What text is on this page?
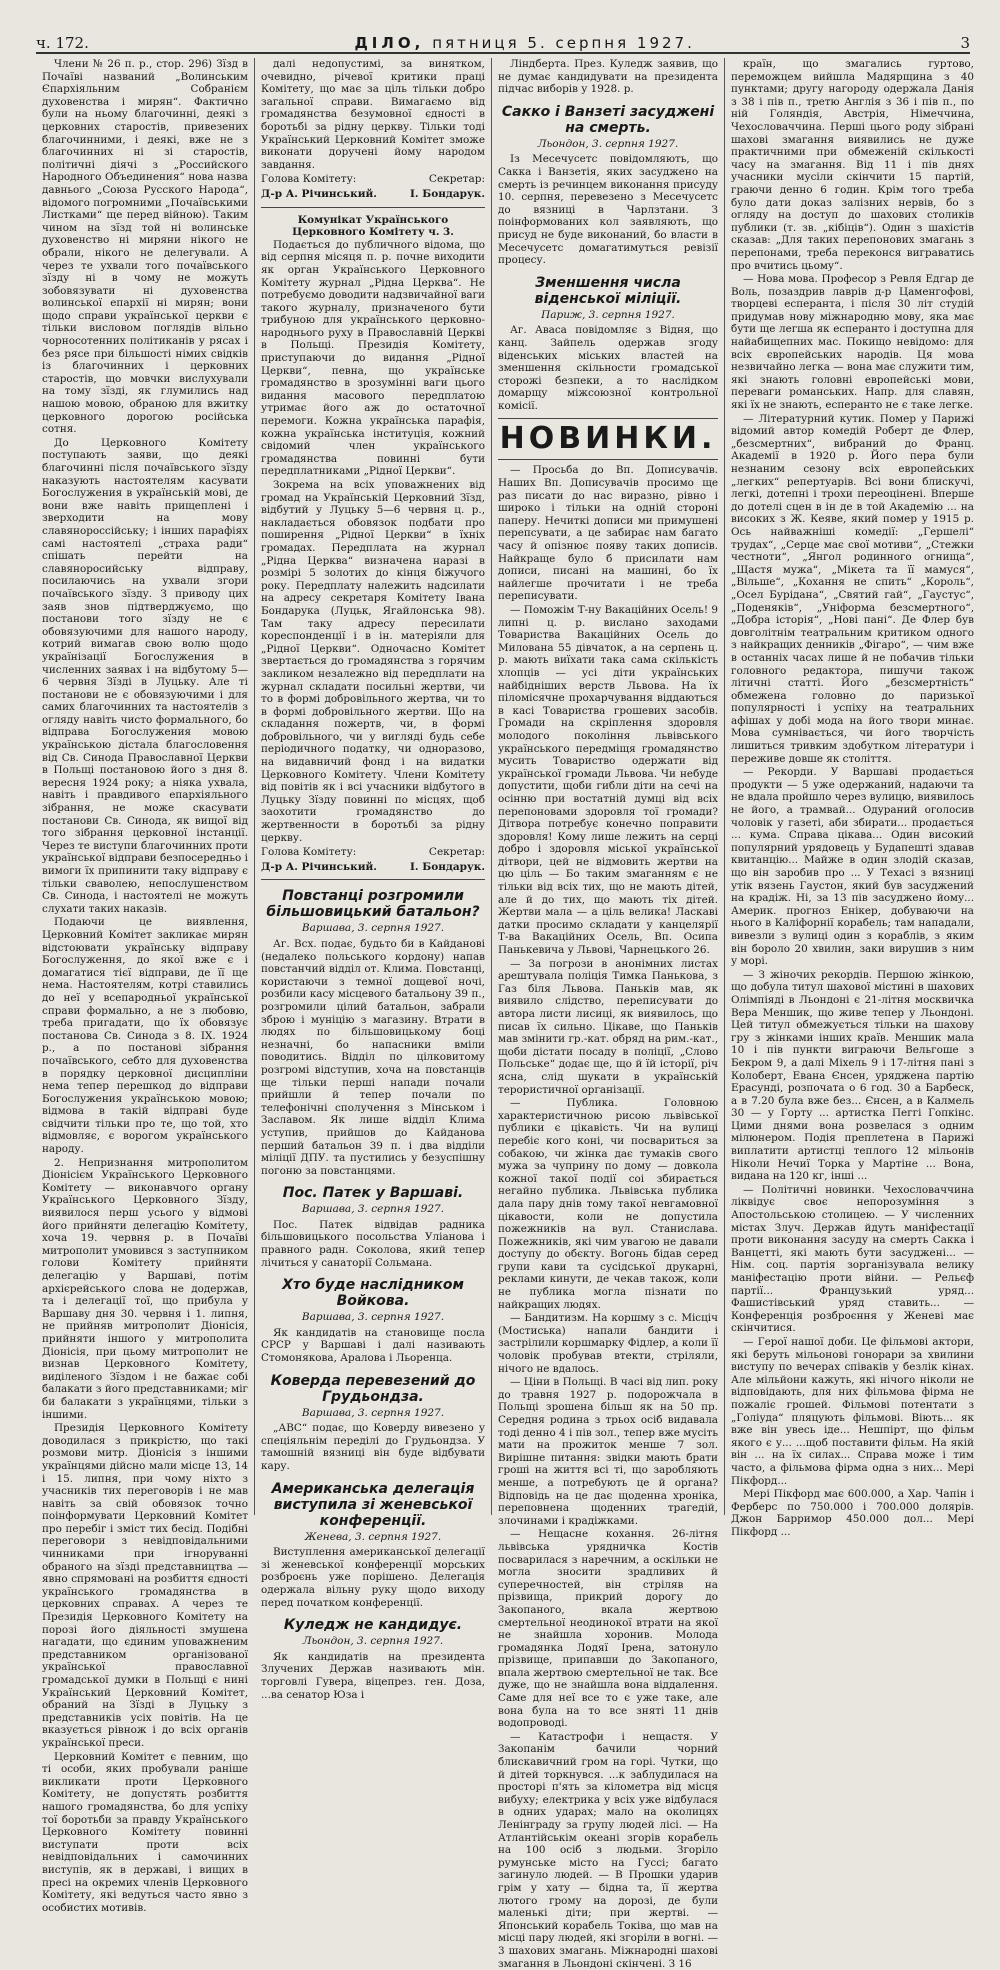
ч. 172.	ДІЛО, пятниця 5. серпня 1927.	3

Члени № 26 п. р., стор. 296) Зїзд в Почаїві названий „Волинським Єпархіяльним Собранієм духовенства і мирян“. Фактично були на ньому благочинні, деякі з церковних старостів, привезених благочинними, і деякі, вже не з благочинних ні зі старостів, політичні діячі з „Российского Народного Объединения“ нова назва давнього „Союза Русского Народа“, відомого погромними „Почаївськими Листками“ ще перед війною). Таким чином на зїзд той ні волинське духовенство ні миряни нікого не обрали, нікого не делегували. А через те ухвали того почаївського зїзду ні в чому не можуть зобовязувати ні духовенства волинської епархії ні мирян; вони щодо справи української церкви є тільки висловом поглядів вільно чорносотенних політиканів у рясах і без рясе при більшості німих свідків із благочинних і церковних старостів, що мовчки вислухували на тому зїзді, як глумились над нашою мовою, обраною для вжитку церковного дорогою російська сотня.

До Церковного Комітету поступають заяви, що деякі благочинні після почаївського зїзду наказують настоятелям касувати Богослужения в українській мові, де вони вже навіть прищеплені і зверходити на мову славянороссійську; і інших парафіях самі настоятелі „страха ради“ спішать перейти на славяноросийську відправу, посилаючись на ухвали згори почаївського зїзду. З приводу цих заяв знов підтверджуємо, що постанови того зїзду не є обовязуючими для нашого народу, котрий вимагав свою волю щодо українізації Богослужения в численних заявах і на відбутому 5—6 червня Зїзді в Луцьку. Але ті постанови не є обовязуючими і для самих благочинних та настоятелів з огляду навіть чисто формального, бо відправа Богослужения мовою українською дістала благословення від Св. Синода Православної Церкви в Польщі постановою його з дня 8. вересня 1924 року; а ніяка ухвала, навіть і правдивого епархіяльного зібрання, не може скасувати постанови Св. Синода, як вищої від того зібрання церковної інстанції. Через те виступи благочинних проти української відправи безпосередньо і вимоги їх припинити таку відправу є тільки сваволею, непослушенством Св. Синода, і настоятелі не можуть слухати таких наказів.

Подаючи це виявлення, Церковний Комітет закликає мирян відстоювати українську відправу Богослуження, до якої вже є і домагатися тієї відправи, де її ще нема. Настоятелям, котрі ставились до неї у всепародньої української справи формально, а не з любовю, треба пригадати, що їх обовязує постанова Св. Синода з 8. IX. 1924 р., а по постанові зібрання почаївського, себто для духовенства в порядку церковної дисципліни нема тепер перешкод до відправи Богослужения українською мовою; відмова в такій відправі буде свідчити тільки про те, що той, хто відмовляє, є ворогом українського народу.

2. Непризнання митрополитом Діонісієм Українського Церковного Комітету — виконавчого органу Українського Церковного Зїзду, виявилося перш усього у відмові його прийняти делегацію Комітету, хоча 19. червня р. в Почаївi митрополит умовився з заступником голови Комітету прийняти делегацію у Варшаві, потім архієрейського слова не додержав, та і делегації тої, що прибула у Варшаву дня 30. червня і 1. липня, не прийняв митрополит Діонісія, прийняти іншого у митрополита Діонісія, при цьому митрополит не визнав Церковного Комітету, виділеного Зїздом і не бажає собі балакати з його представниками; міг би балакати з українцями, тільки з іншими.

Президія Церковного Комітету доводилася з прикрістю, що такі розмови митр. Діонісія з іншими українцями дійсно мали місце 13, 14 і 15. липня, при чому ніхто з учасників тих переговорів і не мав навіть за свій обовязок точно поінформувати Церковний Комітет про перебіг і зміст тих бесід. Подібні переговори з невідповідальними чинниками при ігноруванні обраного на зїзді представництва — явно спрямовані на розбиття єдності українського громадянства в церковних справах. А через те Президія Церковного Комітету на порозі його діяльності змушена нагадати, що єдиним уповажненим представником організованої української православної громадської думки в Польщі є нині Український Церковний Комітет, обраний на Зїзді в Луцьку з представників усіх повітів. На це вказується рівнож і до всіх органів української преси.

Церковний Комітет є певним, що ті особи, яких пробували раніше викликати проти Церковного Комітету, не допустять розбиття нашого громадянства, бо для успіху тої боротьби за правду Українського Церковного Комітету повинні виступати проти всіх невідповідальних і самочинних виступів, як в державі, і вищих в пресі на окремих членів Церковного Комітету, які ведуться часто явно з особистих мотивів.

далі недопустимі, за винятком, очевидно, річевої критики праці Комітету, що має за ціль тільки добро загальної справи. Вимагаємо від громадянства безумовної єдності в боротьбі за рідну церкву. Тільки тоді Український Церковний Комітет зможе виконати доручені йому народом завдання.

Голова Комітету:	Секретар:
Д-р А. Річинський.	І. Бондарук.
Комунікат Українського Церковного Комітету ч. 3.

Подається до публичного відома, що від серпня місяця п. р. почне виходити як орган Українського Церковного Комітету журнал „Рідна Церква“. Не потребуємо доводити надзвичайної ваги такого журналу, призначеного бути трибуною для українського церковно-народнього руху в Православній Церкві в Польщі. Президія Комітету, приступаючи до видання „Рідної Церкви“, певна, що українське громадянство в зрозумінні ваги цього видання масового передплатою утримає його аж до остаточної перемоги. Кожна українська парафія, кожна українська інституція, кожний свідомий член українського громадянства повинні бути передплатниками „Рідної Церкви“.

Зокрема на всіх уповажнених від громад на Українській Церковний Зїзд, відбутий у Луцьку 5—6 червня ц. р., накладається обовязок подбати про поширення „Рідної Церкви“ в їхніх громадах. Передплата на журнал „Рідна Церква“ визначена наразі в розмірі 5 золотих до кінця біжучого року. Передплату належить надсилати на адресу секретаря Комітету Івана Бондарука (Луцьк, Ягайлонська 98). Там таку адресу пересилати кореспонденції і в ін. матеріяли для „Рідної Церкви“. Одночасно Комітет звертається до громадянства з горячим закликом незалежно від передплати на журнал складати посильні жертви, чи то в формі добровільного жертва, чи то в формі добровільного жертви. Що на складання пожертв, чи, в формі добровільного, чи у вигляді будь себе періодичного податку, чи одноразово, на видавничий фонд і на видатки Церковного Комітету. Члени Комітету від повітів як і всі учасники відбутого в Луцьку Зїзду повинні по місцях, щоб заохотити громадянство до жертвенности в боротьбі за рідну церкву.

Голова Комітету:	Секретар:
Д-р А. Річинський.	І. Бондарук.
Повстанці розгромили більшовицький батальон?
Варшава, 3. серпня 1927.

Аг. Всх. подає, будьто би в Кайдановi (недалеко польського кордону) напав повстанчий відділ от. Клима. Повстанці, користаючи з темної дощевої ночі, розбили касу місцевого батальону 39 п., розгромили цілий батальон, забрали зброю і муніцію з магазину. Втрати в людях по більшовицькому боці незначні, бо напасники вміли поводитись. Відділ по цілковитому розгромі відступив, хоча на повстанців ще тільки перші напади почали прийшли й тепер почали по телефонічні сполучення з Мінськом і Заславом. Як лише відділ Клима уступив, прийшов до Кайданова перший батальон 39 п. і два відділи міліції ДПУ. та пустились у безуспішну погоню за повстанцями.

Пос. Патек у Варшаві.
Варшава, 3. серпня 1927.

Пос. Патек відвідав радника більшовицького посольства Уліанова і правного радн. Соколова, який тепер лічиться у санаторії Сольмана.

Хто буде наслідником Войкова.
Варшава, 3. серпня 1927.

Як кандидатів на становище посла СРСР у Варшаві і далі називають Стомонякова, Аралова і Льоренца.

Коверда перевезений до Грудьондза.
Варшава, 3. серпня 1927.

„АВС“ подає, що Коверду вивезено у спеціяльнім переділі до Грудьондза. У тамошній вязниці він буде відбувати кару.

Американська делегація виступила зі женевської конференції.
Женева, 3. серпня 1927.

Виступлення американської делегації зі женевської конференції морських розброєнь уже порішено. Делегація одержала вільну руку щодо виходу перед початком конференції.

Куледж не кандидує.
Льондон, 3. серпня 1927.

Як кандидатів на президента Злучених Держав називають мін. торговлі Гувера, віцепрез. ген. Доза, ...ва сенатор Юза і

Ліндберта. През. Куледж заявив, що не думає кандидувати на президента підчас виборів у 1928. р.

Сакко і Ванзеті засуджені на смерть.
Льондон, 3. серпня 1927.

Із Месечусетс повідомляють, що Сакка і Ванзетія, яких засуджено на смерть із речинцем виконання присуду 10. серпня, перевезено з Месечусетс до вязниці в Чарлзтани. З поінформованих кол заявляють, що присуд не буде виконаний, бо власти в Месечусетс домагатимуться ревізії процесу.

Зменшення числа віденської міліції.
Париж, 3. серпня 1927.

Аг. Аваса повідомляє з Відня, що канц. Зайпель одержав згоду віденських міських властей на зменшення скільности громадської сторожі безпеки, а то наслідком домарщу міжсоюзної контрольної комісії.

НОВИНКИ.

— Просьба до Вп. Дописувачів. Наших Вп. Дописувачів просимо ще раз писати до нас виразно, рівно і широко і тільки на одній стороні паперу. Нечиткі дописи ми примушені перепсувати, а це забирає нам багато часу й опізнює появу таких дописів. Найкраще було б присилати нам дописи, писані на машині, бо їх найлегше прочитати і не треба переписувати.

— Поможім Т-ну Вакаційних Осель! 9 липні ц. р. вислано заходами Товариства Вакаційних Осель до Милована 55 дівчаток, а на серпень ц. р. мають виїхати така сама скількість хлопців — усі діти українських найбідніших верств Львова. Нa їх піломісячне прохарчування віддаються в касі Товариства грошевих засобів. Громади на скріплення здоровля молодого покоління львівського українського передміщя громадянство мусить Товариство одержати від української громади Львова. Чи небуде допустити, щоби гибли діти на сечі на осінню при востатній думці від всіх перепоновами здоровля тої громади? Дітвора потребує конечно поправити здоровля! Кому лише лежить на серці добро і здоровля міської української дітвори, цей не відмовить жертви на цю ціль — Бо таким змаганням є не тільки від всіх тих, що не мають дітей, але й до тих, що мають тіх дітей. Жертви мала — а ціль велика! Ласкаві датки просимо складати у канцелярії Т-ва Вакаційних Осель, Вп. Осипа Панькевича у Львові, Чарнецького 26.

— За погрози в анонімних листах арештувала поліція Тимка Панькова, з Газ біля Львова. Паньків мав, як виявило слідство, переписувати до автора листи лисиці, як виявилось, що писав їх сильно. Цікаве, що Паньків мав змінити гр.-кат. обряд на рим.-кат., щоби дістати посаду в поліції, „Слово Польське“ додає ще, що й їй історії, річ ясна, слід шукати в українській терористичної організації.

— Публика. Головною характеристичною рисою львівської публики є цікавість. Чи на вулиці перебіє кого коні, чи посвариться за собакою, чи жінка дає тумаків свого мужа за чуприну по дому — довкола кожної такої події соі збирається негайно публика. Львівська публика дала пару днів тому такої невгамовної цікавости, коли не допустила пожежників на вул. Станислава. Пожежників, які чим увагою не давали доступу до обєкту. Вогонь бідав серед групи кави та сусідської друкарні, реклами кинути, де чекав також, коли не публика могла пізнати по найкращих людях.

— Бандитизм. На коршму з с. Місціч (Мостиська) напали бандити і застрілили коршмарку Фідлер, а коли її чоловік пробував втекти, стріляли, нічого не вдалось.

— Ціни в Польщі. В часі від лип. року до травня 1927 р. подорожчала в Польщі зрошена більш як на 50 пр. Середня родина з трьох осіб видавала тоді денно 4 і пів зол., тепер вже мусіть мати на прожиток менше 7 зол. Вирішне питання: звідки мають брати гроші на життя всі ті, що заробляють менше, а потребують це й органа? Відповідь на це дає щоденна хроніка, переповнена щоденних трагедій, злочинами і крадіжками.

— Нещасне кохання. 26-літня львівська урядничка Костів посварилася з наречним, а оскільки не могла зносити зрадливих й суперечностей, він стріляв на прізвища, прикрий дорогу до Закопаного, вкала жертвою смертельної неодинокої втрати на якої не знайшла хоронив. Молода громадянка Лодяї Ірена, затонуло прізвище, припавши до Закопаного, впала жертвою смертельної не так. Все дуже, що не знайшла вона віддалення. Саме для неї все то є уже таке, але вона була на то все зняті 11 днів водопроводі.

— Катастрофи і нещастя. У Закопанім бачили чорний блискавичний гром на горі. Чутки, що й дітей торкнувся. ...к заблудилася на просторі п'ять за кілометра від місця вибуху; електрика у всіх уже відбулася в одних ударах; мало на околицях Ленінграду за групу людей лісі. — На Атлантійськім океані згорів корабель на 100 осіб з людьми. Згоріло румунське місто на Гуссі; багато загинуло людей. — В Прошки ударив грім у хату — бідна та, її жертва лютого грому на дорозі, де були маленькі діти; при жертві. — Японський корабель Токіва, що мав на місці пару людей, які згоріли в вогні. — 3 шахових змагань. Міжнародні шахові змагання в Льондоні скінчені. З 16

країн, що змагались гуртово, переможцем вийшла Мадярщина з 40 пунктами; другу нагороду одержала Данія з 38 і пів п., третю Англія з 36 і пів п., по ній Голяндія, Австрія, Німеччина, Чехословаччина. Перші цього роду зібрані шахові змагання виявились не дуже практичними при обмеженій скількості часу на змагання. Від 11 і пів днях учасники мусіли скінчити 15 партій, граючи денно 6 годин. Крім того треба було дати доказ залізних нервів, бо з огляду на доступ до шахових столиків публики (т. зв. „кібіців“). Один з шахістів сказав: „Для таких перепонових змагань з перепонами, треба переконся виграватись про вчитись цьому“.

— Нова мова. Професор з Ревля Едгар де Воль, позаздрив лаврів д-р Цаменгофові, творцеві есперанта, і після 30 літ студій придумав нову міжнародню мову, яка має бути ще легша як есперанто і доступна для найабищепних мас. Покищо невідомо: для всіх європейських народів. Ця мова незвичайно легка — вона має служити тим, які знають головні европейські мови, переваги романських. Напр. для славян, які їх не знають, есперанто не є таке легке.

— Літературний кутик. Помер у Парижі відомий автор комедій Роберт де Флер, „безсмертних“, вибраний до Франц. Академії в 1920 р. Його пера були незнаним сезону всіх европейських „легких“ репертуарів. Всі вони блискучі, легкі, дотепні і трохи переоцінені. Вперше до дотелі сцен в ін де в той Академію ... на високих з Ж. Кеяве, який помер у 1915 р. Ось найважніші комедії: „Гершелі“ трудах“, „Серце має свої мотиви“, „Стежки честноти“, „Янгол родинного огнища“, „Щастя мужа“, „Мікета та її мамуся“, „Вільше“, „Кохання не спить“ „Король“, „Осел Бурідана“, „Святий гай“, „Гаустус“, „Поденяків“, „Уніформа безсмертного“, „Добра історія“, „Нові пані“. Де Флер був довголітнім театральним критиком одного з найкращих денників „Фігаро“, — чим вже в останніх часах лише й не побачив тільки головного редактора, пишучи також літичні статті. Його „безсмертність“ обмежена головно до паризької популярності і успіху на театральних афішах у добі мода на його твори минає. Мова сумнівається, чи його творчість лишиться тривким здобутком літератури і переживе довше як століття.

— Рекорди. У Варшаві продається продукти — 5 уже одержаний, надаючи та не вдала пройшло через вулицю, виявилось не його, а трамвай... Одураний оголосив чоловік у газеті, аби збирати... продається ... кума. Справа цікава... Один високий популярний урядовець у Будапешті здавав квитанцію... Майже в один злодій сказав, що він заробив про ... У Техасі з вязниці утік вязень Гаустон, який був засуджений на крадіж. Ні, за 13 пів засуджено йому... Америк. прогноз Енікер, добуваючи на нього в Каліфорнії корабель; там нападали, вивезли з вулиці один з кораблів, з яким він бороло 20 хвилин, заки вирушив з ним у морі.

— З жіночих рекордів. Першою жінкою, що добула титул шахової містині в шахових Олімпіяді в Льондоні є 21-літня москвичка Вера Меншик, що живе тепер у Льондоні. Цей титул обмежується тільки на шахову гру з жінками інших країв. Меншик мала 10 і пів пункти виграючи Вельгоше з Бекром 9, а далі Міхель 9 і 17-літня пані з Колоберт, Евана Єнсен, уряджена партію Ерасунді, розпочата о 6 год. 30 а Барбеск, а в 7.20 була вже без... Єнсен, а в Калмель 30 — у Горту ... артистка Пеггі Гопкінс. Цими днями вона розвелася з одним мілюнером. Подія преплетена в Парижі виплатити артистці теплого 12 мільонів Ніколи Нечиї Торка у Мартіне ... Вона, видана на 120 кг, інші ...

— Політичні новинки. Чехословаччина ліквідує своє непорозуміння з Апостольською столицею. — У численних містах Злуч. Держав йдуть маніфестації проти виконання засуду на смерть Сакка і Ванцетті, які мають бути засуджені... — Нім. соц. партія зорганізувала велику маніфестацію проти війни. — Рельєф партії... Французький уряд... Фашистівський уряд ставить... — Конференція розброєння у Женеві має скінчитися.

— Герої нашої доби. Це фільмові актори, які беруть мільонові гонорари за хвилини виступу по вечерах співаків у безлік кінах. Але мільйони кажуть, які нічого ніколи не відповідають, для них фільмова фірма не пожаліє грошей. Фільмові потентати з „Голіуда“ пляцують фільмові. Віють... як вже він увесь іде... Нешпірт, що фільм якого є у... ...щоб поставити фільм. На якій він ... на їх силах... Справа може і тим часто, а фільмова фірма одна з них... Мері Пікфорд...

Мері Пікфорд має 600.000, а Хар. Чапін і Ферберс по 750.000 і 700.000 долярів. Джон Барримор 450.000 дол... Мері Пікфорд ...
